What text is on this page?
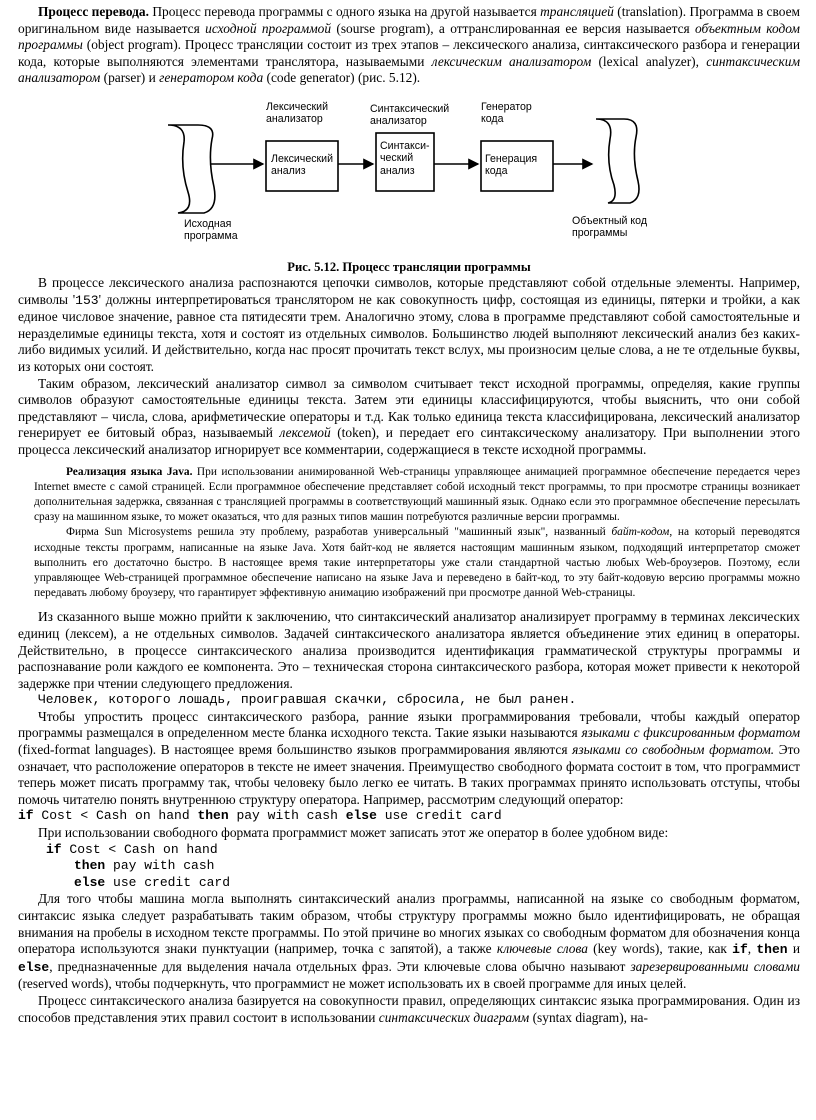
Процесс перевода. Процесс перевода программы с одного языка на другой называется трансляцией (translation). Программа в своем оригинальном виде называется исходной программой (sourse program), а оттранслированная ее версия называется объектным кодом программы (object program). Процесс трансляции состоит из трех этапов – лексического анализа, синтаксического разбора и генерации кода, которые выполняются элементами транслятора, называемыми лексическим анализатором (lexical analyzer), синтаксическим анализатором (parser) и генератором кода (code generator) (рис. 5.12).

Лексический
анализатор
Синтаксический
анализатор
Генератор
кода
Лексический
анализ
Синтакси-
ческий
анализ
Генерация
кода
Исходная
программа
Объектный код
программы
Рис. 5.12. Процесс трансляции программы

В процессе лексического анализа распознаются цепочки символов, которые представляют собой отдельные элементы. Например, символы '153' должны интерпретироваться транслятором не как совокупность цифр, состоящая из единицы, пятерки и тройки, а как единое числовое значение, равное ста пятидесяти трем. Аналогично этому, слова в программе представляют собой самостоятельные и неразделимые единицы текста, хотя и состоят из отдельных символов. Большинство людей выполняют лексический анализ без каких-либо видимых усилий. И действительно, когда нас просят прочитать текст вслух, мы произносим целые слова, а не те отдельные буквы, из которых они состоят.

Таким образом, лексический анализатор символ за символом считывает текст исходной программы, определяя, какие группы символов образуют самостоятельные единицы текста. Затем эти единицы классифицируются, чтобы выяснить, что они собой представляют – числа, слова, арифметические операторы и т.д. Как только единица текста классифицирована, лексический анализатор генерирует ее битовый образ, называемый лексемой (token), и передает его синтаксическому анализатору. При выполнении этого процесса лексический анализатор игнорирует все комментарии, содержащиеся в тексте исходной программы.

Реализация языка Java. При использовании анимированной Web-страницы управляющее анимацией программное обеспечение передается через Internet вместе с самой страницей. Если программное обеспечение представляет собой исходный текст программы, то при просмотре страницы возникает дополнительная задержка, связанная с трансляцией программы в соответствующий машинный язык. Однако если это программное обеспечение пересылать сразу на машинном языке, то может оказаться, что для разных типов машин потребуются различные версии программы.

Фирма Sun Microsystems решила эту проблему, разработав универсальный "машинный язык", названный байт-кодом, на который переводятся исходные тексты программ, написанные на языке Java. Хотя байт-код не является настоящим машинным языком, подходящий интерпретатор сможет выполнить его достаточно быстро. В настоящее время такие интерпретаторы уже стали стандартной частью любых Web-броузеров. Поэтому, если управляющее Web-страницей программное обеспечение написано на языке Java и переведено в байт-код, то эту байт-кодовую версию программы можно передавать любому броузеру, что гарантирует эффективную анимацию изображений при просмотре данной Web-страницы.

Из сказанного выше можно прийти к заключению, что синтаксический анализатор анализирует программу в терминах лексических единиц (лексем), а не отдельных символов. Задачей синтаксического анализатора является объединение этих единиц в операторы. Действительно, в процессе синтаксического анализа производится идентификация грамматической структуры программы и распознавание роли каждого ее компонента. Это – техническая сторона синтаксического разбора, которая может привести к некоторой задержке при чтении следующего предложения.

Человек, которого лошадь, проигравшая скачки, сбросила, не был ранен.

Чтобы упростить процесс синтаксического разбора, ранние языки программирования требовали, чтобы каждый оператор программы размещался в определенном месте бланка исходного текста. Такие языки называются языками с фиксированным форматом (fixed-format languages). В настоящее время большинство языков программирования являются языками со свободным форматом. Это означает, что расположение операторов в тексте не имеет значения. Преимущество свободного формата состоит в том, что программист теперь может писать программу так, чтобы человеку было легко ее читать. В таких программах принято использовать отступы, чтобы помочь читателю понять внутреннюю структуру оператора. Например, рассмотрим следующий оператор:

if Cost < Cash on hand then pay with cash else use credit card

При использовании свободного формата программист может записать этот же оператор в более удобном виде:

if Cost < Cash on hand
then pay with cash
else use credit card

Для того чтобы машина могла выполнять синтаксический анализ программы, написанной на языке со свободным форматом, синтаксис языка следует разрабатывать таким образом, чтобы структуру программы можно было идентифицировать, не обращая внимания на пробелы в исходном тексте программы. По этой причине во многих языках со свободным форматом для обозначения конца оператора используются знаки пунктуации (например, точка с запятой), а также ключевые слова (key words), такие, как if, then и else, предназначенные для выделения начала отдельных фраз. Эти ключевые слова обычно называют зарезервированными словами (reserved words), чтобы подчеркнуть, что программист не может использовать их в своей программе для иных целей.

Процесс синтаксического анализа базируется на совокупности правил, определяющих синтаксис языка программирования. Один из способов представления этих правил состоит в использовании синтаксических диаграмм (syntax diagram), на-
